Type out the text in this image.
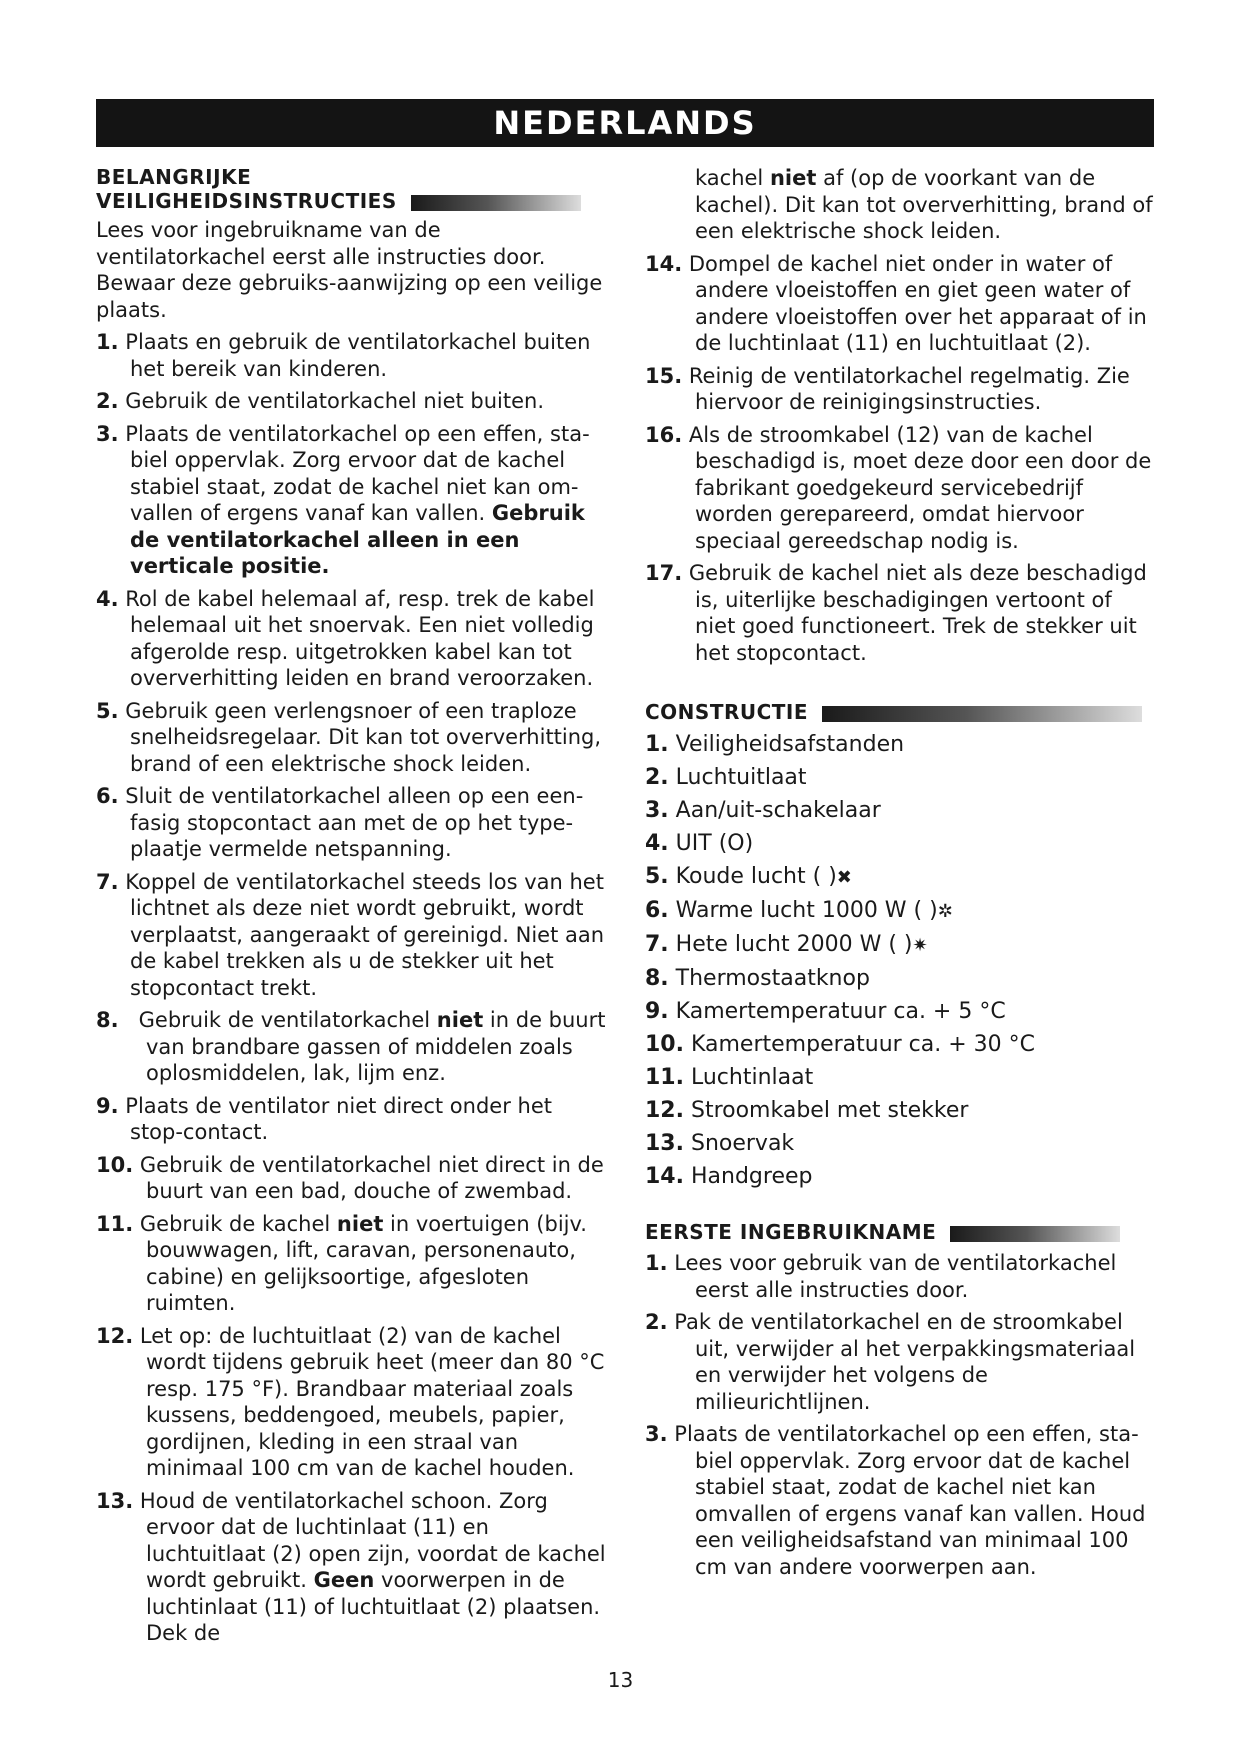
NEDERLANDS

BELANGRIJKE
VEILIGHEIDSINSTRUCTIES

Lees voor ingebruikname van de ventilatorkachel eerst alle instructies door. Bewaar deze gebruiks-aanwijzing op een veilige plaats.

1. Plaats en gebruik de ventilatorkachel buiten het bereik van kinderen.
2. Gebruik de ventilatorkachel niet buiten.
3. Plaats de ventilatorkachel op een effen, sta-biel oppervlak. Zorg ervoor dat de kachel stabiel staat, zodat de kachel niet kan om-vallen of ergens vanaf kan vallen. Gebruik de ventilatorkachel alleen in een verticale positie.
4. Rol de kabel helemaal af, resp. trek de kabel helemaal uit het snoervak. Een niet volledig afgerolde resp. uitgetrokken kabel kan tot oververhitting leiden en brand veroorzaken.
5. Gebruik geen verlengsnoer of een traploze snelheidsregelaar. Dit kan tot oververhitting, brand of een elektrische shock leiden.
6. Sluit de ventilatorkachel alleen op een een-fasig stopcontact aan met de op het type-plaatje vermelde netspanning.
7. Koppel de ventilatorkachel steeds los van het lichtnet als deze niet wordt gebruikt, wordt verplaatst, aangeraakt of gereinigd. Niet aan de kabel trekken als u de stekker uit het stopcontact trekt.
8. Gebruik de ventilatorkachel niet in de buurt van brandbare gassen of middelen zoals oplosmiddelen, lak, lijm enz.
9. Plaats de ventilator niet direct onder het stop-contact.
10. Gebruik de ventilatorkachel niet direct in de buurt van een bad, douche of zwembad.
11. Gebruik de kachel niet in voertuigen (bijv. bouwwagen, lift, caravan, personenauto, cabine) en gelijksoortige, afgesloten ruimten.
12. Let op: de luchtuitlaat (2) van de kachel wordt tijdens gebruik heet (meer dan 80 °C resp. 175 °F). Brandbaar materiaal zoals kussens, beddengoed, meubels, papier, gordijnen, kleding in een straal van minimaal 100 cm van de kachel houden.
13. Houd de ventilatorkachel schoon. Zorg ervoor dat de luchtinlaat (11) en luchtuitlaat (2) open zijn, voordat de kachel wordt gebruikt. Geen voorwerpen in de luchtinlaat (11) of luchtuitlaat (2) plaatsen. Dek de

kachel niet af (op de voorkant van de kachel). Dit kan tot oververhitting, brand of een elektrische shock leiden.

14. Dompel de kachel niet onder in water of andere vloeistoffen en giet geen water of andere vloeistoffen over het apparaat of in de luchtinlaat (11) en luchtuitlaat (2).
15. Reinig de ventilatorkachel regelmatig. Zie hiervoor de reinigingsinstructies.
16. Als de stroomkabel (12) van de kachel beschadigd is, moet deze door een door de fabrikant goedgekeurd servicebedrijf worden gerepareerd, omdat hiervoor speciaal gereedschap nodig is.
17. Gebruik de kachel niet als deze beschadigd is, uiterlijke beschadigingen vertoont of niet goed functioneert. Trek de stekker uit het stopcontact.

CONSTRUCTIE

1. Veiligheidsafstanden
2. Luchtuitlaat
3. Aan/uit-schakelaar
4. UIT (O)
5. Koude lucht ( )✖
6. Warme lucht 1000 W ( )✲
7. Hete lucht 2000 W ( )✷
8. Thermostaatknop
9. Kamertemperatuur ca. + 5 °C
10. Kamertemperatuur ca. + 30 °C
11. Luchtinlaat
12. Stroomkabel met stekker
13. Snoervak
14. Handgreep

EERSTE INGEBRUIKNAME

1. Lees voor gebruik van de ventilatorkachel eerst alle instructies door.
2. Pak de ventilatorkachel en de stroomkabel uit, verwijder al het verpakkingsmateriaal en verwijder het volgens de milieurichtlijnen.
3. Plaats de ventilatorkachel op een effen, sta-biel oppervlak. Zorg ervoor dat de kachel stabiel staat, zodat de kachel niet kan omvallen of ergens vanaf kan vallen. Houd een veiligheidsafstand van minimaal 100 cm van andere voorwerpen aan.
13
